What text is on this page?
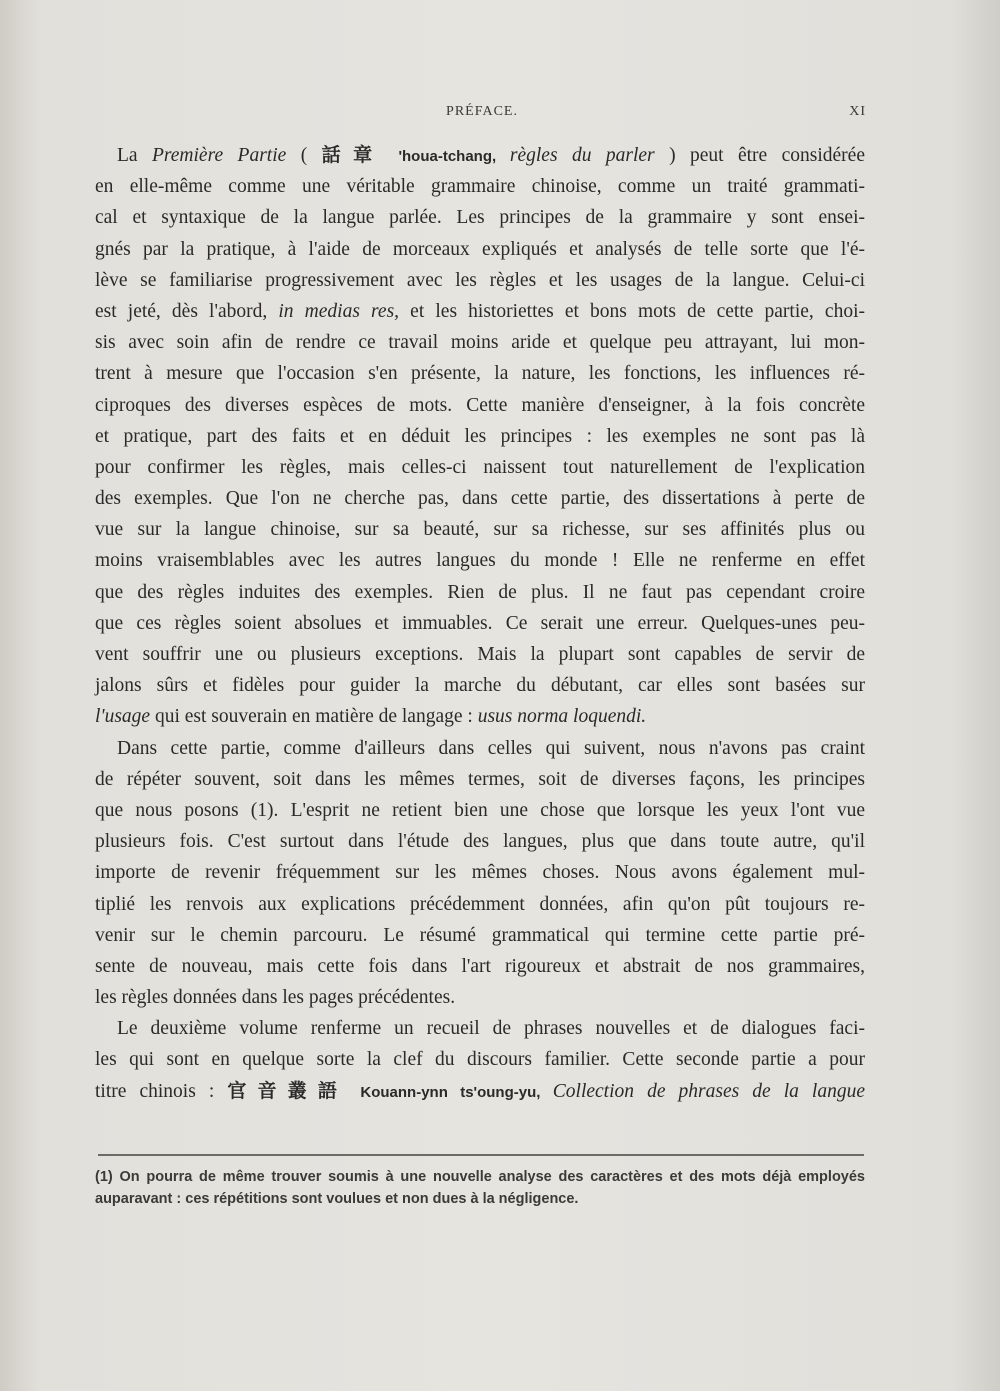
PRÉFACE.	XI
La Première Partie ( 話章 'houa-tchang, règles du parler ) peut être considérée
en elle-même comme une véritable grammaire chinoise, comme un traité grammati-
cal et syntaxique de la langue parlée. Les principes de la grammaire y sont ensei-
gnés par la pratique, à l'aide de morceaux expliqués et analysés de telle sorte que l'é-
lève se familiarise progressivement avec les règles et les usages de la langue. Celui-ci
est jeté, dès l'abord, in medias res, et les historiettes et bons mots de cette partie, choi-
sis avec soin afin de rendre ce travail moins aride et quelque peu attrayant, lui mon-
trent à mesure que l'occasion s'en présente, la nature, les fonctions, les influences ré-
ciproques des diverses espèces de mots. Cette manière d'enseigner, à la fois concrète
et pratique, part des faits et en déduit les principes : les exemples ne sont pas là
pour confirmer les règles, mais celles-ci naissent tout naturellement de l'explication
des exemples. Que l'on ne cherche pas, dans cette partie, des dissertations à perte de
vue sur la langue chinoise, sur sa beauté, sur sa richesse, sur ses affinités plus ou
moins vraisemblables avec les autres langues du monde ! Elle ne renferme en effet
que des règles induites des exemples. Rien de plus. Il ne faut pas cependant croire
que ces règles soient absolues et immuables. Ce serait une erreur. Quelques-unes peu-
vent souffrir une ou plusieurs exceptions. Mais la plupart sont capables de servir de
jalons sûrs et fidèles pour guider la marche du débutant, car elles sont basées sur
l'usage qui est souverain en matière de langage : usus norma loquendi.
Dans cette partie, comme d'ailleurs dans celles qui suivent, nous n'avons pas craint
de répéter souvent, soit dans les mêmes termes, soit de diverses façons, les principes
que nous posons (1). L'esprit ne retient bien une chose que lorsque les yeux l'ont vue
plusieurs fois. C'est surtout dans l'étude des langues, plus que dans toute autre, qu'il
importe de revenir fréquemment sur les mêmes choses. Nous avons également mul-
tiplié les renvois aux explications précédemment données, afin qu'on pût toujours re-
venir sur le chemin parcouru. Le résumé grammatical qui termine cette partie pré-
sente de nouveau, mais cette fois dans l'art rigoureux et abstrait de nos grammaires,
les règles données dans les pages précédentes.
Le deuxième volume renferme un recueil de phrases nouvelles et de dialogues faci-
les qui sont en quelque sorte la clef du discours familier. Cette seconde partie a pour
titre chinois : 官音叢語 Kouann-ynn ts'oung-yu, Collection de phrases de la langue
(1) On pourra de même trouver soumis à une nouvelle analyse des caractères et des mots déjà employés
auparavant : ces répétitions sont voulues et non dues à la négligence.
